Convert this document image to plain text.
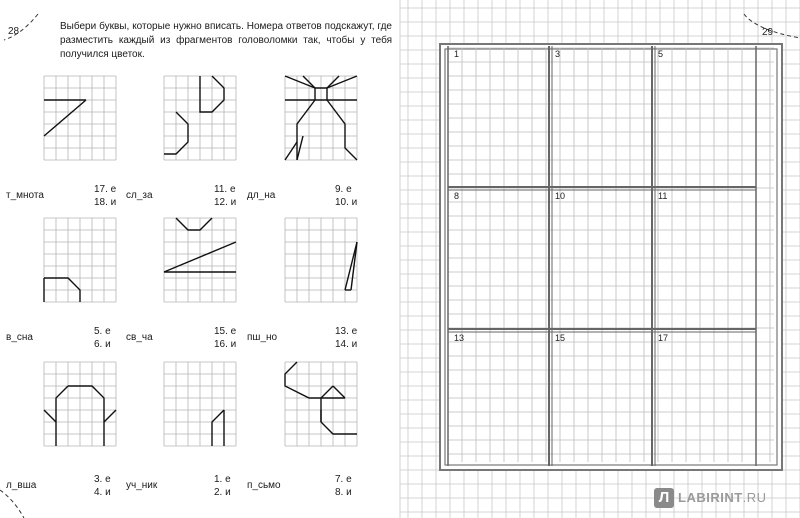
28	Выбери буквы, которые нужно вписать. Номера ответов подскажут, где разместить каждый из фрагментов головоломки так, чтобы у тебя получился цветок.
т_мнота
17. е
18. и
сл_за
11. е
12. и
дл_на
9. е
10. и
в_сна
5. е
6. и
св_ча
15. е
16. и
пш_но
13. е
14. и
л_вша
3. е
4. и
уч_ник
1. е
2. и
п_сьмо
7. е
8. и
29
1	3	5
8	10	11
13	15	17
Л LABIRINT.RU
